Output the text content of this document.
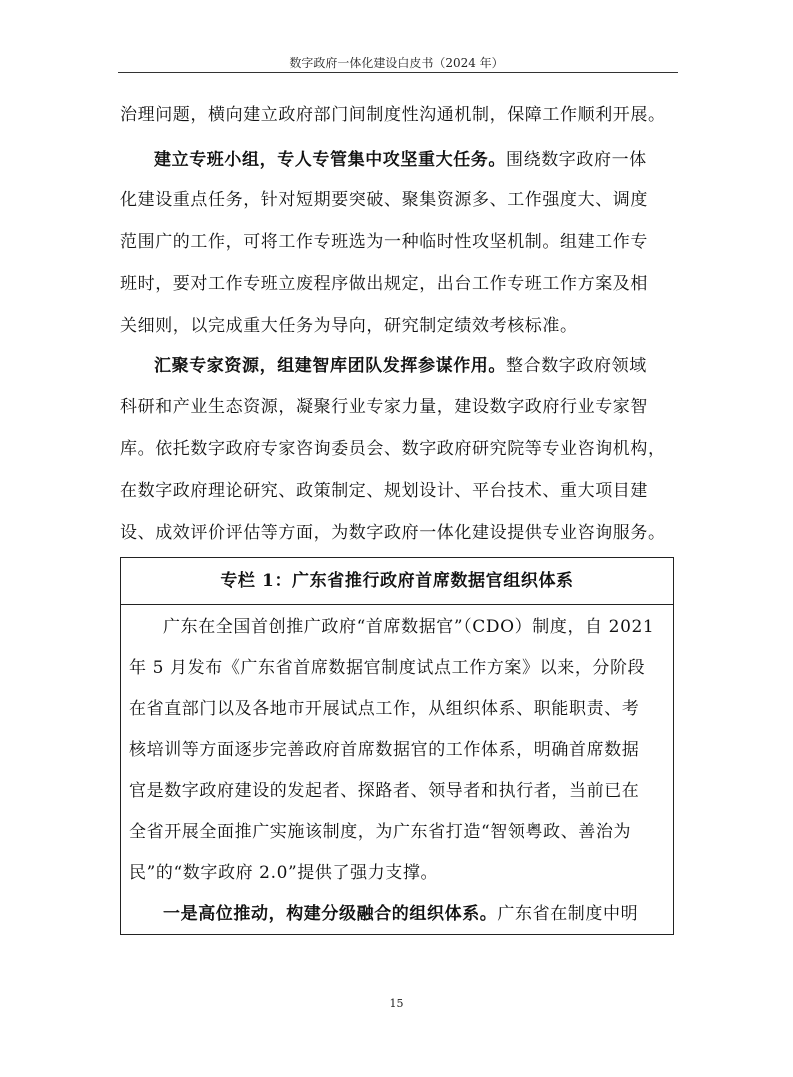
数字政府一体化建设白皮书（2024 年）
治理问题，横向建立政府部门间制度性沟通机制，保障工作顺利开展。
建立专班小组，专人专管集中攻坚重大任务。围绕数字政府一体
化建设重点任务，针对短期要突破、聚集资源多、工作强度大、调度
范围广的工作，可将工作专班选为一种临时性攻坚机制。组建工作专
班时，要对工作专班立废程序做出规定，出台工作专班工作方案及相
关细则，以完成重大任务为导向，研究制定绩效考核标准。
汇聚专家资源，组建智库团队发挥参谋作用。整合数字政府领域
科研和产业生态资源，凝聚行业专家力量，建设数字政府行业专家智
库。依托数字政府专家咨询委员会、数字政府研究院等专业咨询机构，
在数字政府理论研究、政策制定、规划设计、平台技术、重大项目建
设、成效评价评估等方面，为数字政府一体化建设提供专业咨询服务。
专栏 1：广东省推行政府首席数据官组织体系
广东在全国首创推广政府“首席数据官”（CDO）制度，自 2021
年 5 月发布《广东省首席数据官制度试点工作方案》以来，分阶段
在省直部门以及各地市开展试点工作，从组织体系、职能职责、考
核培训等方面逐步完善政府首席数据官的工作体系，明确首席数据
官是数字政府建设的发起者、探路者、领导者和执行者，当前已在
全省开展全面推广实施该制度，为广东省打造“智领粤政、善治为
民”的“数字政府 2.0”提供了强力支撑。
一是高位推动，构建分级融合的组织体系。广东省在制度中明
15
